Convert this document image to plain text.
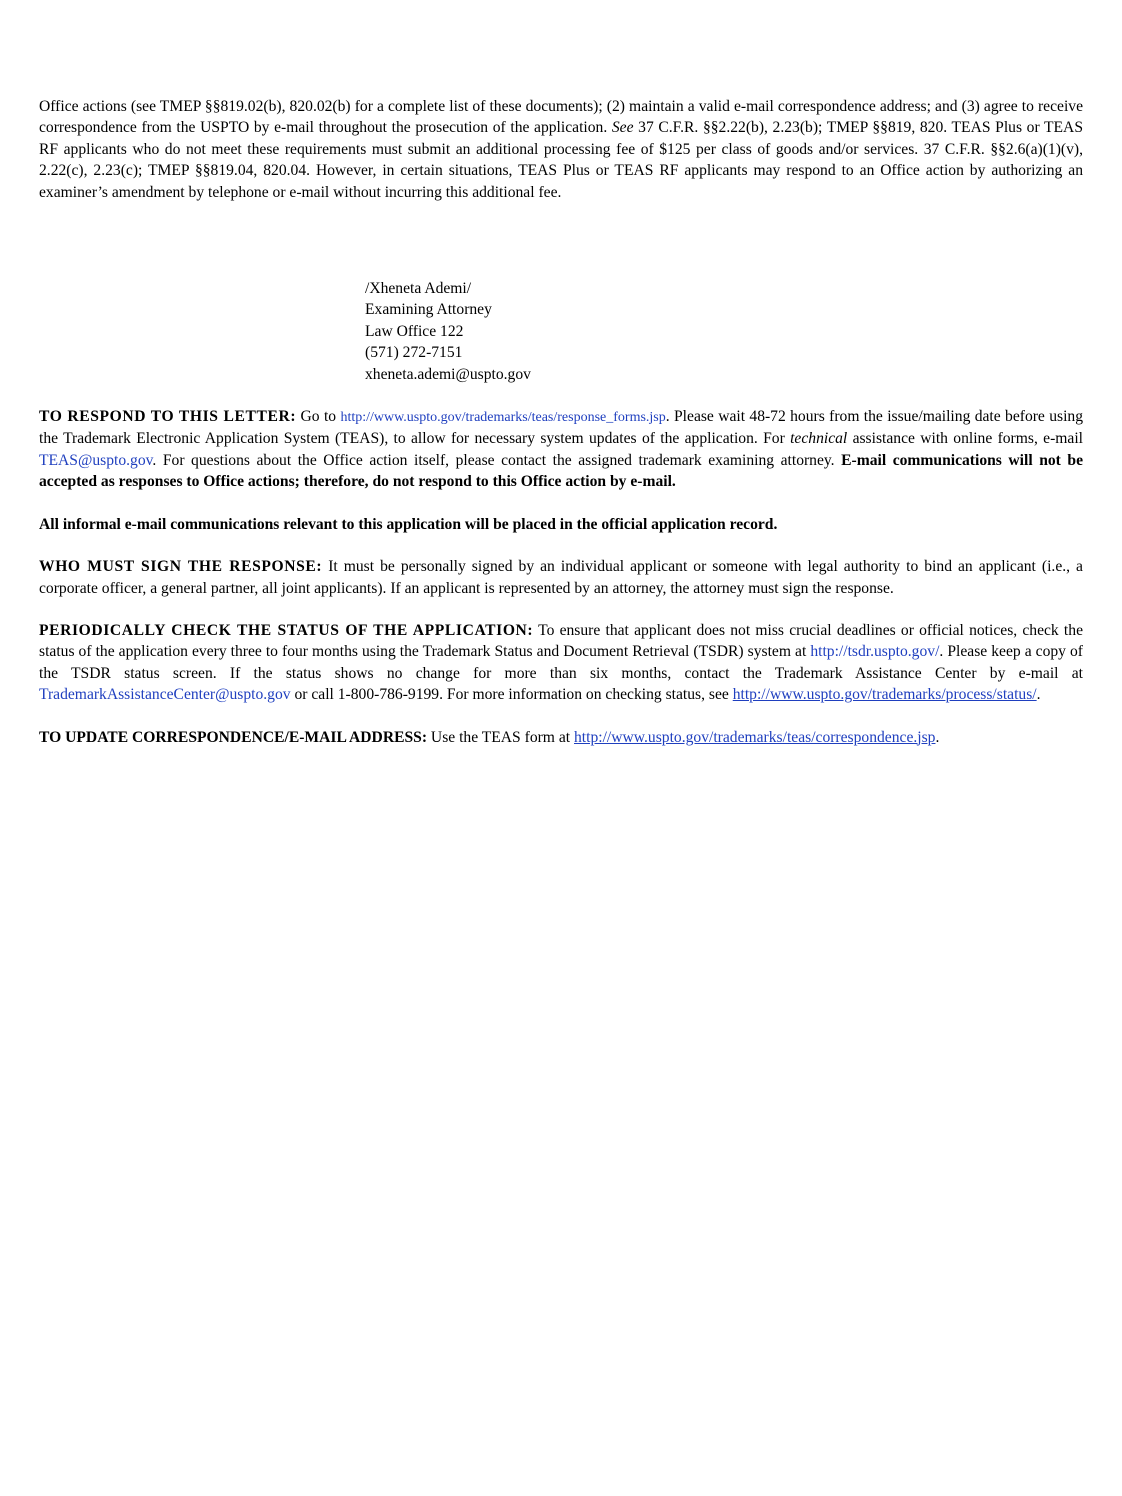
Office actions (see TMEP §§819.02(b), 820.02(b) for a complete list of these documents); (2) maintain a valid e-mail correspondence address; and (3) agree to receive correspondence from the USPTO by e-mail throughout the prosecution of the application. See 37 C.F.R. §§2.22(b), 2.23(b); TMEP §§819, 820. TEAS Plus or TEAS RF applicants who do not meet these requirements must submit an additional processing fee of $125 per class of goods and/or services. 37 C.F.R. §§2.6(a)(1)(v), 2.22(c), 2.23(c); TMEP §§819.04, 820.04. However, in certain situations, TEAS Plus or TEAS RF applicants may respond to an Office action by authorizing an examiner’s amendment by telephone or e-mail without incurring this additional fee.

/Xheneta Ademi/
Examining Attorney
Law Office 122
(571) 272-7151
xheneta.ademi@uspto.gov

TO RESPOND TO THIS LETTER: Go to http://www.uspto.gov/trademarks/teas/response_forms.jsp. Please wait 48-72 hours from the issue/mailing date before using the Trademark Electronic Application System (TEAS), to allow for necessary system updates of the application. For technical assistance with online forms, e-mail TEAS@uspto.gov. For questions about the Office action itself, please contact the assigned trademark examining attorney. E-mail communications will not be accepted as responses to Office actions; therefore, do not respond to this Office action by e-mail.

All informal e-mail communications relevant to this application will be placed in the official application record.

WHO MUST SIGN THE RESPONSE: It must be personally signed by an individual applicant or someone with legal authority to bind an applicant (i.e., a corporate officer, a general partner, all joint applicants). If an applicant is represented by an attorney, the attorney must sign the response.

PERIODICALLY CHECK THE STATUS OF THE APPLICATION: To ensure that applicant does not miss crucial deadlines or official notices, check the status of the application every three to four months using the Trademark Status and Document Retrieval (TSDR) system at http://tsdr.uspto.gov/. Please keep a copy of the TSDR status screen. If the status shows no change for more than six months, contact the Trademark Assistance Center by e-mail at TrademarkAssistanceCenter@uspto.gov or call 1-800-786-9199. For more information on checking status, see http://www.uspto.gov/trademarks/process/status/.

TO UPDATE CORRESPONDENCE/E-MAIL ADDRESS: Use the TEAS form at http://www.uspto.gov/trademarks/teas/correspondence.jsp.
